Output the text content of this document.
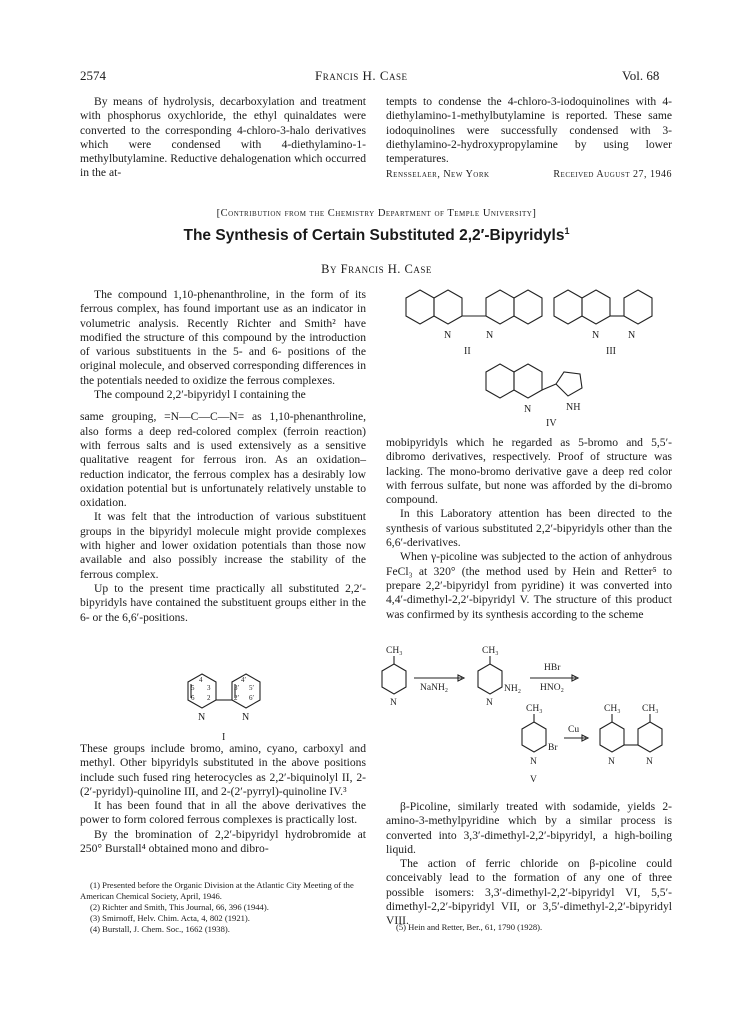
2574	Francis H. Case	Vol. 68

By means of hydrolysis, decarboxylation and treatment with phosphorus oxychloride, the ethyl quinaldates were converted to the corresponding 4-chloro-3-halo derivatives which were condensed with 4-diethylamino-1-methylbutylamine. Reductive dehalogenation which occurred in the at-

tempts to condense the 4-chloro-3-iodoquinolines with 4-diethylamino-1-methylbutylamine is reported. These same iodoquinolines were successfully condensed with 3-diethylamino-2-hydroxypropylamine by using lower temperatures.

Rensselaer, New York	Received August 27, 1946
[Contribution from the Chemistry Department of Temple University]
The Synthesis of Certain Substituted 2,2′-Bipyridyls$^1$
By Francis H. Case

The compound 1,10-phenanthroline, in the form of its ferrous complex, has found important use as an indicator in volumetric analysis. Recently Richter and Smith² have modified the structure of this compound by the introduction of various substituents in the 5- and 6- positions of the original molecule, and observed corresponding differences in the potentials needed to oxidize the ferrous complexes.

The compound 2,2′-bipyridyl I containing the

same grouping, =N—C—C—N= as 1,10-phenanthroline, also forms a deep red-colored complex (ferroin reaction) with ferrous salts and is used extensively as a sensitive qualitative reagent for ferrous iron. As an oxidation–reduction indicator, the ferrous complex has a desirably low oxidation potential but is unfortunately relatively unstable to oxidation.

It was felt that the introduction of various substituent groups in the bipyridyl molecule might provide complexes with higher and lower oxidation potentials than those now available and also possibly increase the stability of the ferrous complex.

Up to the present time practically all substituted 2,2′-bipyridyls have contained the substituent groups either in the 6- or the 6,6′-positions.

4
5 3
6 2
4′
3′ 5′
2′ 6′
N	N
I

These groups include bromo, amino, cyano, carboxyl and methyl. Other bipyridyls substituted in the above positions include such fused ring heterocycles as 2,2′-biquinolyl II, 2-(2′-pyridyl)-quinoline III, and 2-(2′-pyrryl)-quinoline IV.³

It has been found that in all the above derivatives the power to form colored ferrous complexes is practically lost.

By the bromination of 2,2′-bipyridyl hydrobromide at 250° Burstall⁴ obtained mono and dibro-

(1) Presented before the Organic Division at the Atlantic City Meeting of the American Chemical Society, April, 1946.
(2) Richter and Smith, This Journal, 66, 396 (1944).
(3) Smirnoff, Helv. Chim. Acta, 4, 802 (1921).
(4) Burstall, J. Chem. Soc., 1662 (1938).
N	N
II
N	N
III
N	NH
IV

mobipyridyls which he regarded as 5-bromo and 5,5′-dibromo derivatives, respectively. Proof of structure was lacking. The mono-bromo derivative gave a deep red color with ferrous sulfate, but none was afforded by the di-bromo compound.

In this Laboratory attention has been directed to the synthesis of various substituted 2,2′-bipyridyls other than the 6,6′-derivatives.

When γ-picoline was subjected to the action of anhydrous FeCl₃ at 320° (the method used by Hein and Retter⁵ to prepare 2,2′-bipyridyl from pyridine) it was converted into 4,4′-dimethyl-2,2′-bipyridyl V. The structure of this product was confirmed by its synthesis according to the scheme

CH₃
N
NaNH₂
CH₃
NH₂
N
HBr
HNO₂
CH₃
Br
N
Cu
V
CH₃ CH₃
N	N

β-Picoline, similarly treated with sodamide, yields 2-amino-3-methylpyridine which by a similar process is converted into 3,3′-dimethyl-2,2′-bipyridyl, a high-boiling liquid.

The action of ferric chloride on β-picoline could conceivably lead to the formation of any one of three possible isomers: 3,3′-dimethyl-2,2′-bipyridyl VI, 5,5′-dimethyl-2,2′-bipyridyl VII, or 3,5′-dimethyl-2,2′-bipyridyl VIII.

(5) Hein and Retter, Ber., 61, 1790 (1928).
